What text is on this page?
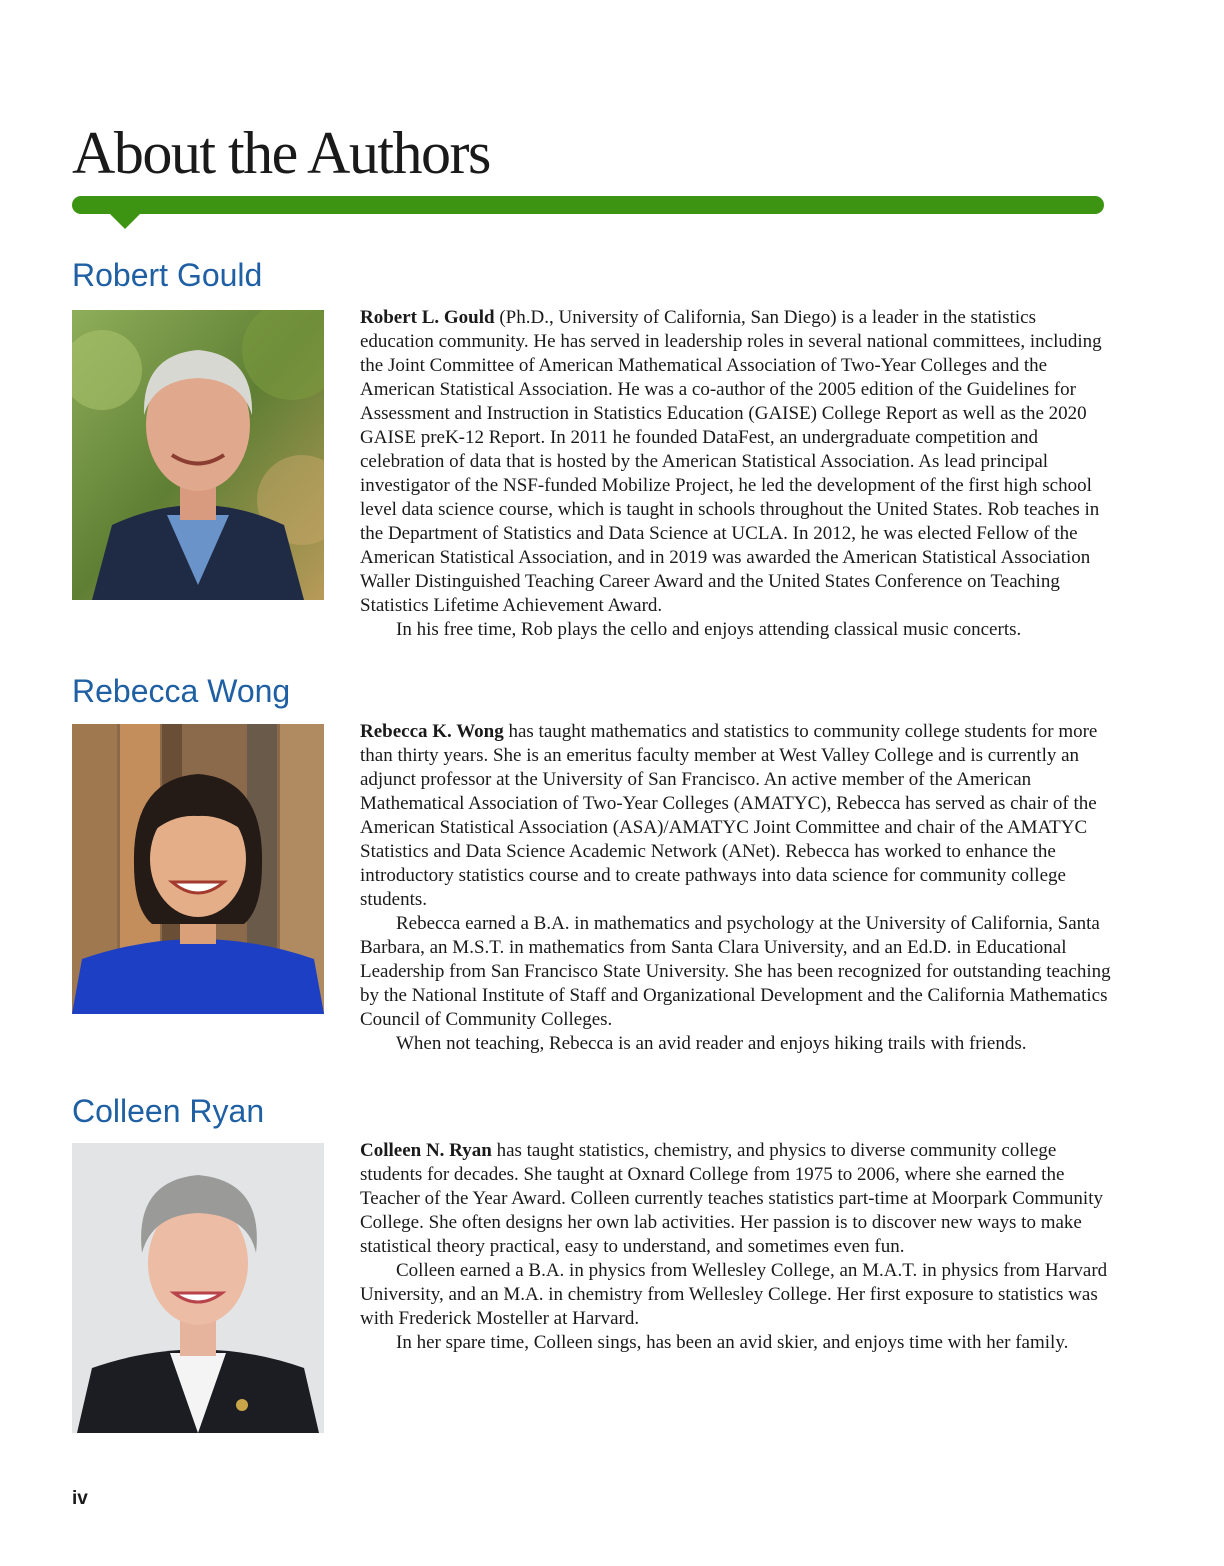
About the Authors
Robert Gould

Robert L. Gould (Ph.D., University of California, San Diego) is a leader in the statistics education community. He has served in leadership roles in several national committees, including the Joint Committee of American Mathematical Association of Two-Year Colleges and the American Statistical Association. He was a co-author of the 2005 edition of the Guidelines for Assessment and Instruction in Statistics Education (GAISE) College Report as well as the 2020 GAISE preK-12 Report. In 2011 he founded DataFest, an undergraduate competition and celebration of data that is hosted by the American Statistical Association. As lead principal investigator of the NSF-funded Mobilize Project, he led the development of the first high school level data science course, which is taught in schools throughout the United States. Rob teaches in the Department of Statistics and Data Science at UCLA. In 2012, he was elected Fellow of the American Statistical Association, and in 2019 was awarded the American Statistical Association Waller Distinguished Teaching Career Award and the United States Conference on Teaching Statistics Lifetime Achievement Award.

In his free time, Rob plays the cello and enjoys attending classical music concerts.

Rebecca Wong

Rebecca K. Wong has taught mathematics and statistics to community college students for more than thirty years. She is an emeritus faculty member at West Valley College and is currently an adjunct professor at the University of San Francisco. An active member of the American Mathematical Association of Two-Year Colleges (AMATYC), Rebecca has served as chair of the American Statistical Association (ASA)/AMATYC Joint Committee and chair of the AMATYC Statistics and Data Science Academic Network (ANet). Rebecca has worked to enhance the introductory statistics course and to create pathways into data science for community college students.

Rebecca earned a B.A. in mathematics and psychology at the University of California, Santa Barbara, an M.S.T. in mathematics from Santa Clara University, and an Ed.D. in Educational Leadership from San Francisco State University. She has been recognized for outstanding teaching by the National Institute of Staff and Organizational Development and the California Mathematics Council of Community Colleges.

When not teaching, Rebecca is an avid reader and enjoys hiking trails with friends.

Colleen Ryan

Colleen N. Ryan has taught statistics, chemistry, and physics to diverse community college students for decades. She taught at Oxnard College from 1975 to 2006, where she earned the Teacher of the Year Award. Colleen currently teaches statistics part-time at Moorpark Community College. She often designs her own lab activities. Her passion is to discover new ways to make statistical theory practical, easy to understand, and sometimes even fun.

Colleen earned a B.A. in physics from Wellesley College, an M.A.T. in physics from Harvard University, and an M.A. in chemistry from Wellesley College. Her first exposure to statistics was with Frederick Mosteller at Harvard.

In her spare time, Colleen sings, has been an avid skier, and enjoys time with her family.

iv
